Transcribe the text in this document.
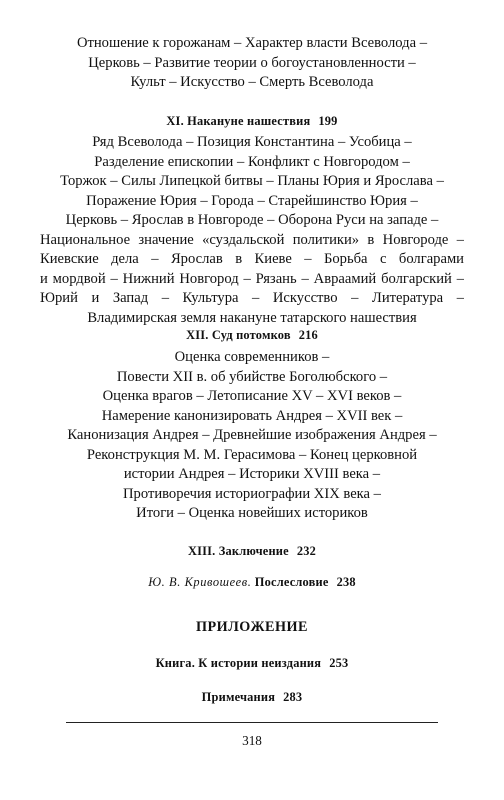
Отношение к горожанам – Характер власти Всеволода –
Церковь – Развитие теории о богоустановленности –
Культ – Искусство – Смерть Всеволода
XI. Накануне нашествия 199
Ряд Всеволода – Позиция Константина – Усобица –
Разделение епископии – Конфликт с Новгородом –
Торжок – Силы Липецкой битвы – Планы Юрия и Ярослава –
Поражение Юрия – Города – Старейшинство Юрия –
Церковь – Ярослав в Новгороде – Оборона Руси на западе –
Национальное значение «суздальской политики» в Новгороде – Киевские дела – Ярослав в Киеве – Борьба с болгарами
и мордвой – Нижний Новгород – Рязань – Авраамий болгарский – Юрий и Запад – Культура – Искусство – Литература –
Владимирская земля накануне татарского нашествия
XII. Суд потомков 216
Оценка современников –
Повести XII в. об убийстве Боголюбского –
Оценка врагов – Летописание XV – XVI веков –
Намерение канонизировать Андрея – XVII век –
Канонизация Андрея – Древнейшие изображения Андрея –
Реконструкция М. М. Герасимова – Конец церковной
истории Андрея – Историки XVIII века –
Противоречия историографии XIX века –
Итоги – Оценка новейших историков
XIII. Заключение 232
Ю. В. Кривошеев. Послесловие 238
ПРИЛОЖЕНИЕ
Книга. К истории неиздания 253
Примечания 283
318
